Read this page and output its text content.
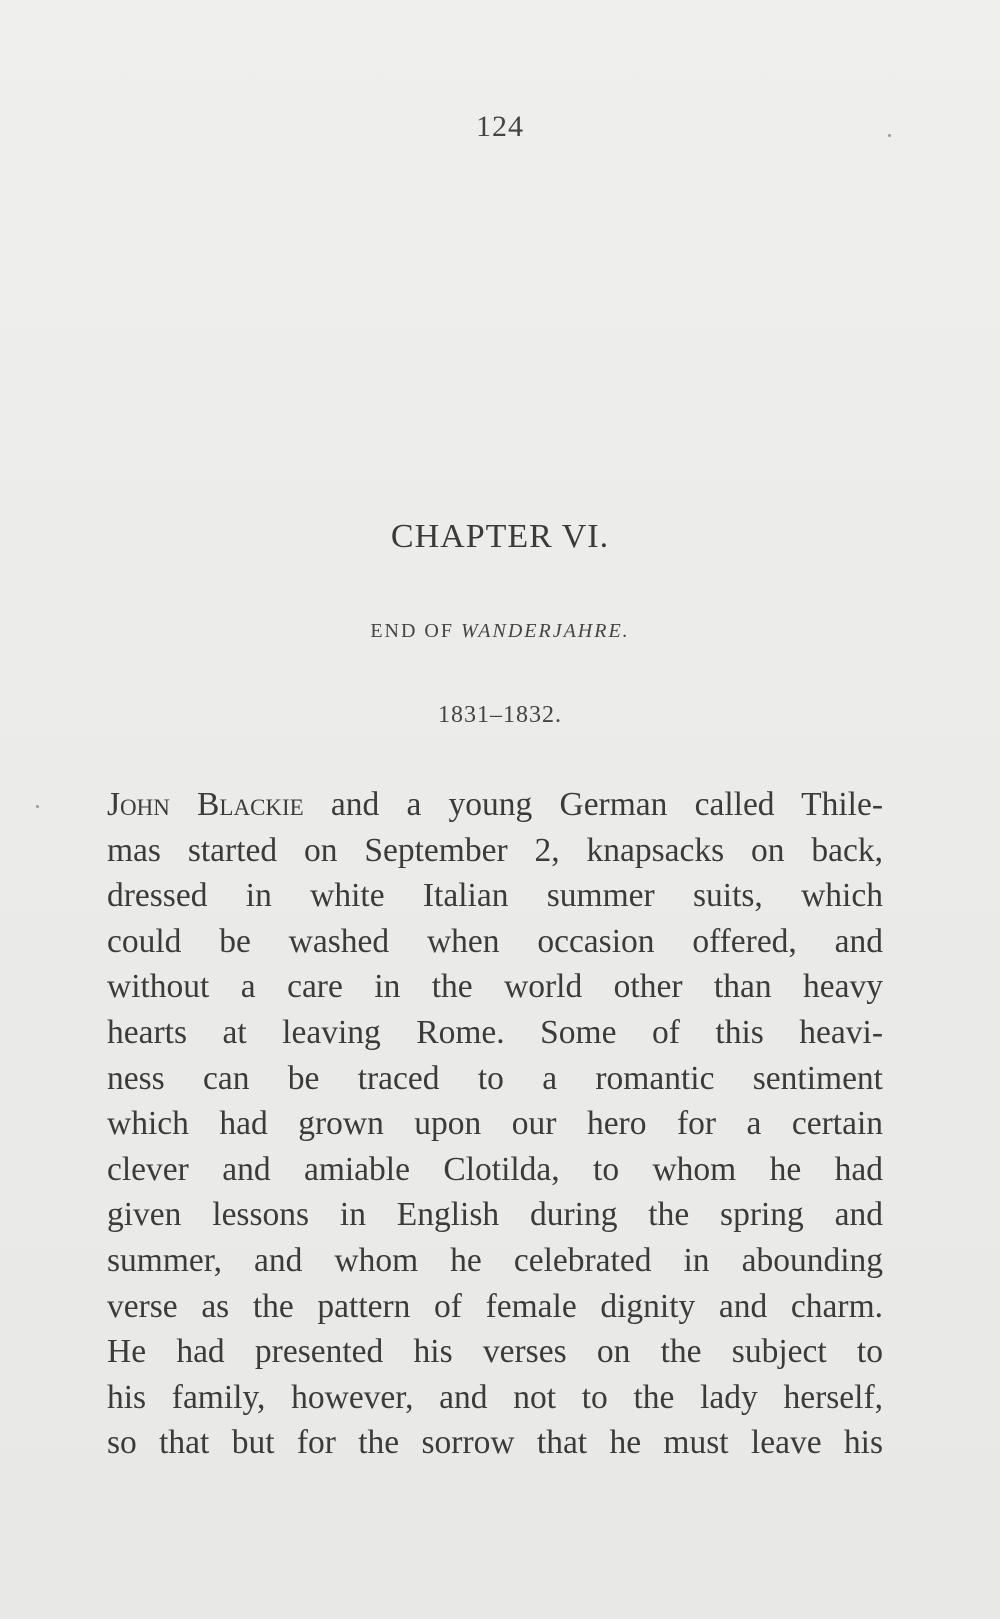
124
CHAPTER VI.
END OF WANDERJAHRE.
1831–1832.
John Blackie and a young German called Thile-
mas started on September 2, knapsacks on back,
dressed in white Italian summer suits, which
could be washed when occasion offered, and
without a care in the world other than heavy
hearts at leaving Rome. Some of this heavi-
ness can be traced to a romantic sentiment
which had grown upon our hero for a certain
clever and amiable Clotilda, to whom he had
given lessons in English during the spring and
summer, and whom he celebrated in abounding
verse as the pattern of female dignity and charm.
He had presented his verses on the subject to
his family, however, and not to the lady herself,
so that but for the sorrow that he must leave his
